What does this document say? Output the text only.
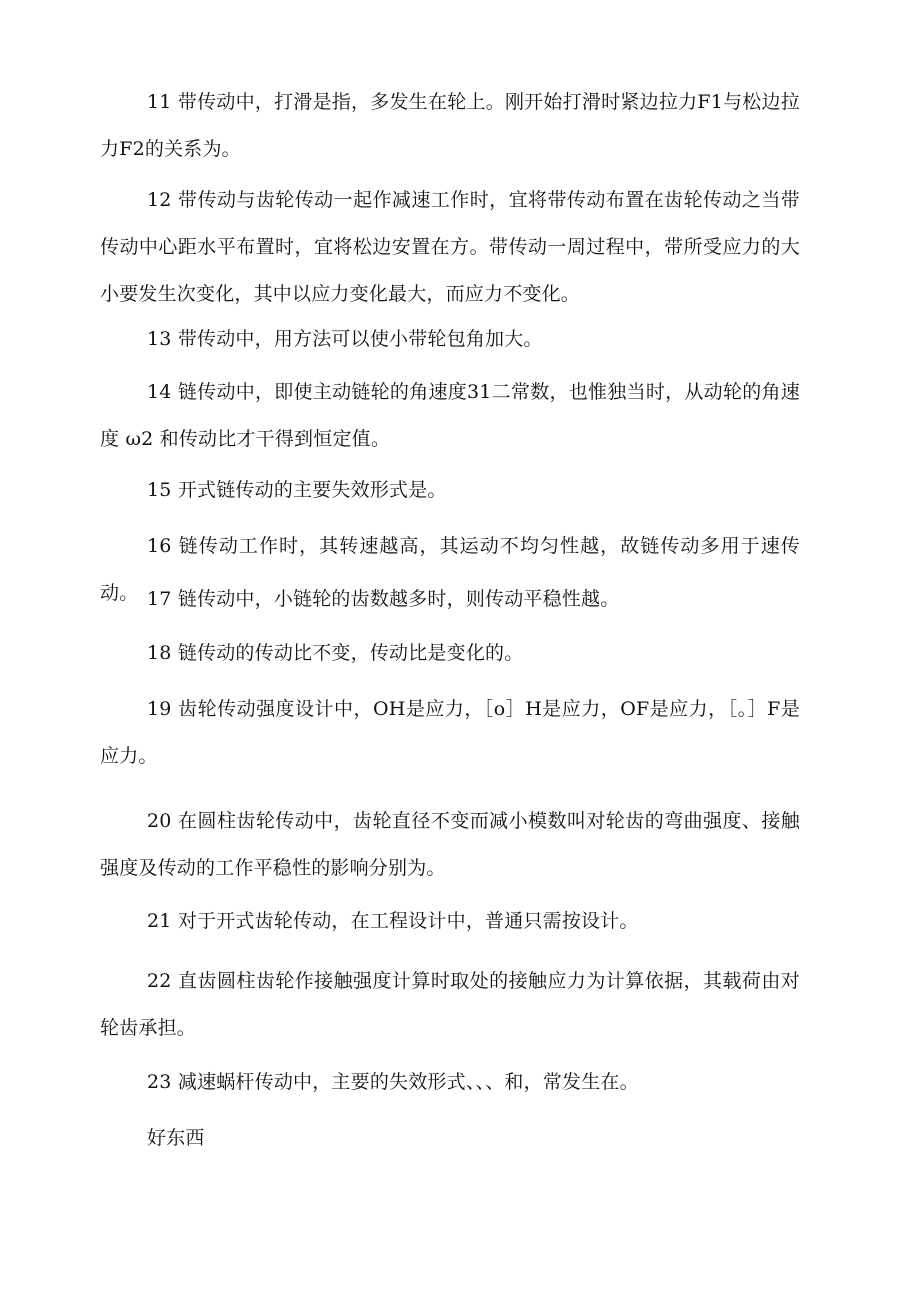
11 带传动中，打滑是指，多发生在轮上。刚开始打滑时紧边拉力F1与松边拉力F2的关系为。

12 带传动与齿轮传动一起作减速工作时，宜将带传动布置在齿轮传动之当带传动中心距水平布置时，宜将松边安置在方。带传动一周过程中，带所受应力的大小要发生次变化，其中以应力变化最大，而应力不变化。

13 带传动中，用方法可以使小带轮包角加大。

14 链传动中，即使主动链轮的角速度31二常数，也惟独当时，从动轮的角速度 ω2 和传动比才干得到恒定值。

15 开式链传动的主要失效形式是。

16 链传动工作时，其转速越高，其运动不均匀性越，故链传动多用于速传动。 17 链传动中，小链轮的齿数越多时，则传动平稳性越。

18 链传动的传动比不变，传动比是变化的。

19 齿轮传动强度设计中，OH是应力，［o］H是应力，OF是应力，［。］F是应力。

20 在圆柱齿轮传动中，齿轮直径不变而减小模数叫对轮齿的弯曲强度、接触强度及传动的工作平稳性的影响分别为。

21 对于开式齿轮传动，在工程设计中，普通只需按设计。

22 直齿圆柱齿轮作接触强度计算时取处的接触应力为计算依据，其载荷由对轮齿承担。

23 减速蜗杆传动中，主要的失效形式、、、和，常发生在。

好东西
